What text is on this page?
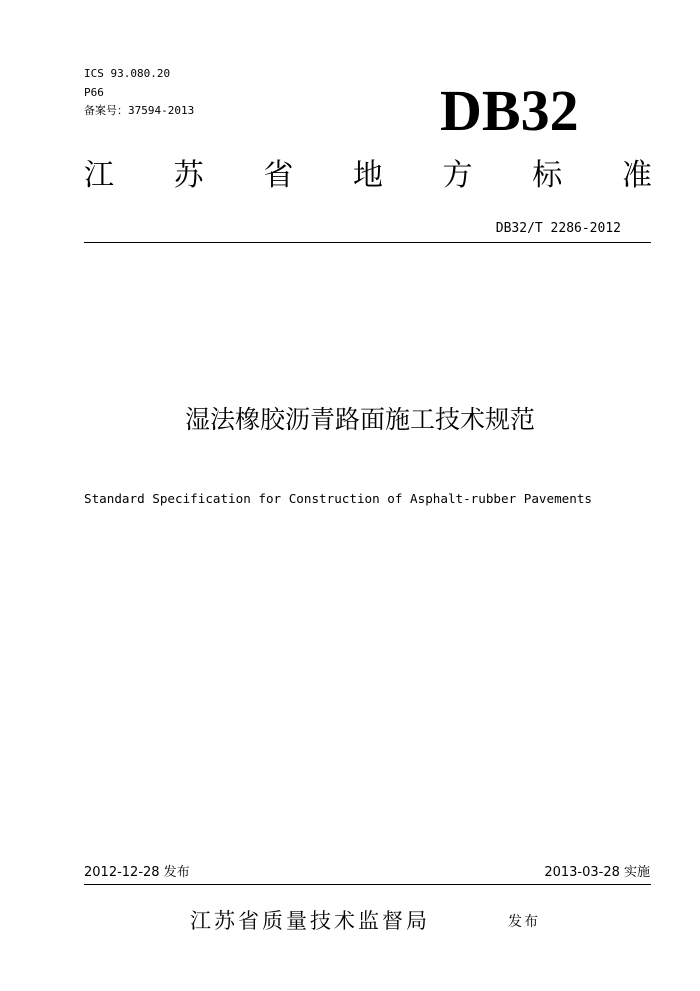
ICS 93.080.20
P66
备案号：37594-2013	DB32
江 苏 省 地 方 标 准
DB32/T 2286-2012
湿法橡胶沥青路面施工技术规范
Standard Specification for Construction of Asphalt-rubber Pavements
2012-12-28 发布	2013-03-28 实施
江苏省质量技术监督局	发布
